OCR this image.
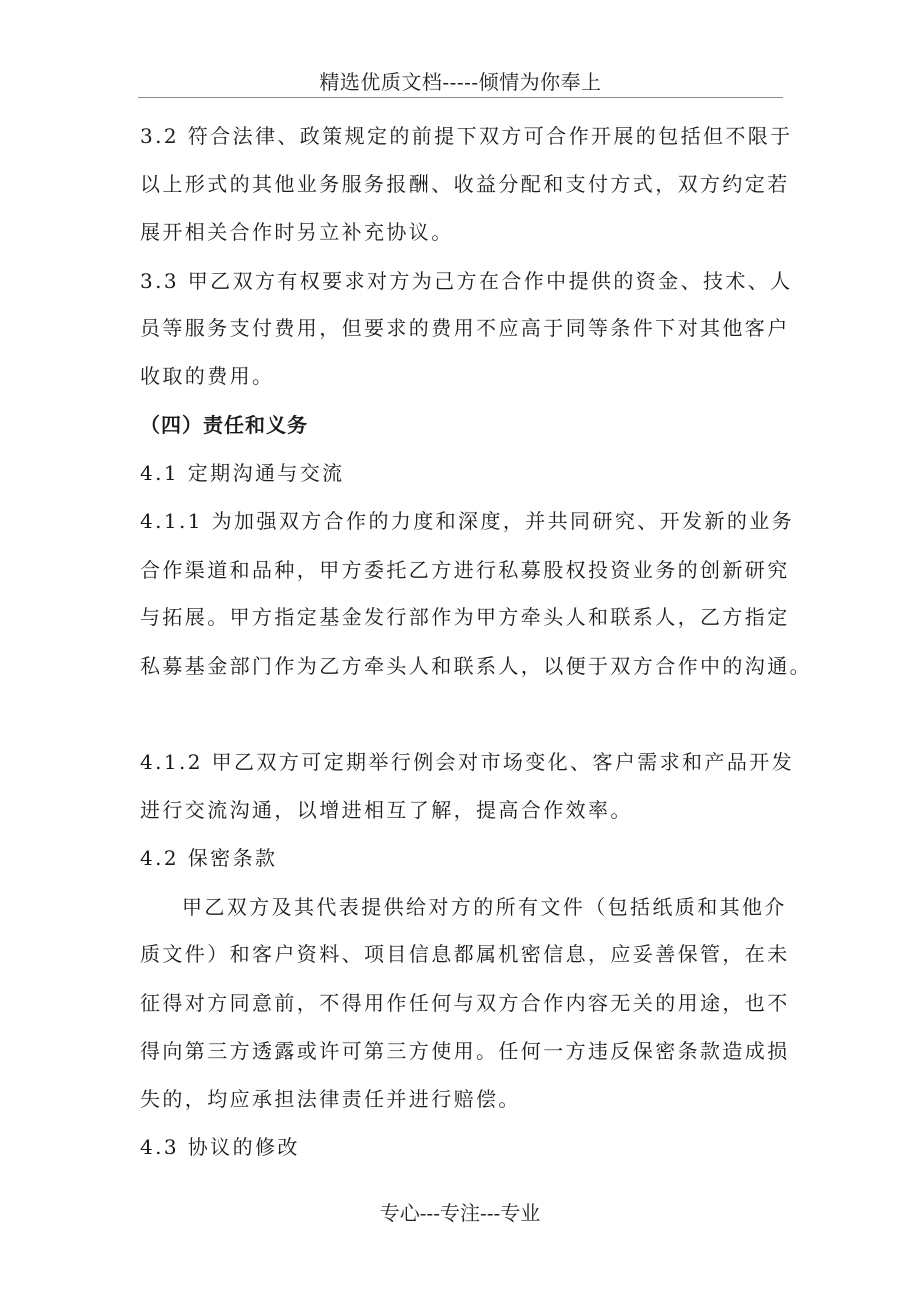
精选优质文档-----倾情为你奉上
3.2 符合法律、政策规定的前提下双方可合作开展的包括但不限于
以上形式的其他业务服务报酬、收益分配和支付方式，双方约定若
展开相关合作时另立补充协议。
3.3 甲乙双方有权要求对方为己方在合作中提供的资金、技术、人
员等服务支付费用，但要求的费用不应高于同等条件下对其他客户
收取的费用。
（四）责任和义务
4.1 定期沟通与交流
4.1.1 为加强双方合作的力度和深度，并共同研究、开发新的业务
合作渠道和品种，甲方委托乙方进行私募股权投资业务的创新研究
与拓展。甲方指定基金发行部作为甲方牵头人和联系人，乙方指定
私募基金部门作为乙方牵头人和联系人，以便于双方合作中的沟通。
4.1.2 甲乙双方可定期举行例会对市场变化、客户需求和产品开发
进行交流沟通，以增进相互了解，提高合作效率。
4.2 保密条款
甲乙双方及其代表提供给对方的所有文件（包括纸质和其他介
质文件）和客户资料、项目信息都属机密信息，应妥善保管，在未
征得对方同意前，不得用作任何与双方合作内容无关的用途，也不
得向第三方透露或许可第三方使用。任何一方违反保密条款造成损
失的，均应承担法律责任并进行赔偿。
4.3 协议的修改
专心---专注---专业
